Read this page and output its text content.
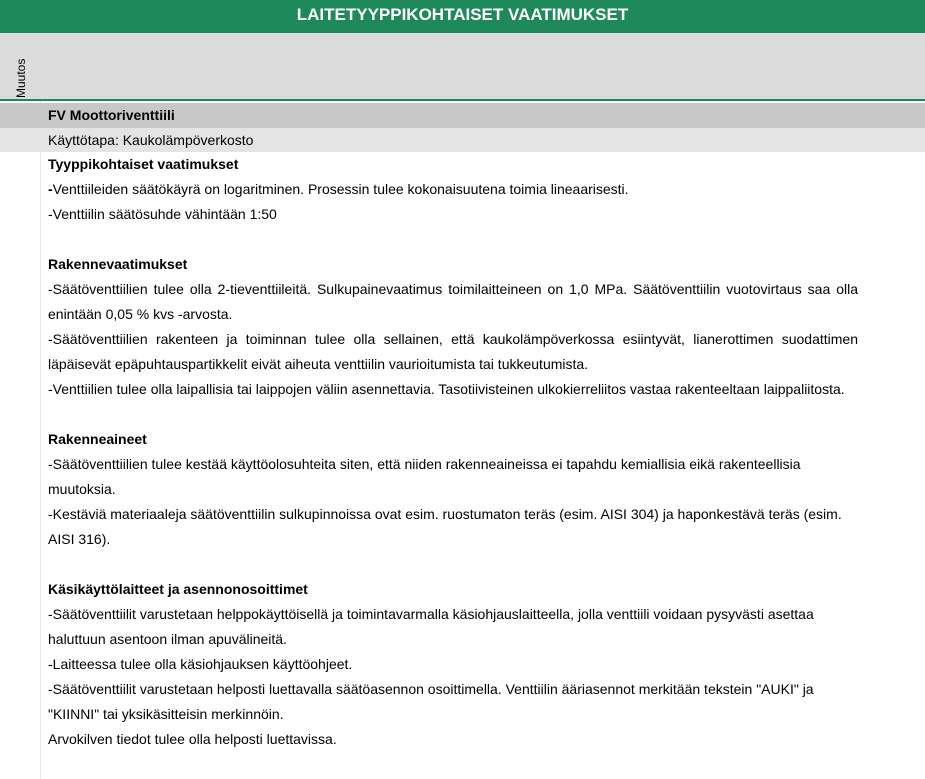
LAITETYYPPIKOHTAISET VAATIMUKSET
Muutos
FV Moottoriventtiili
Käyttötapa: Kaukolämpöverkosto
Tyyppikohtaiset vaatimukset

-Venttiileiden säätökäyrä on logaritminen. Prosessin tulee kokonaisuutena toimia lineaarisesti.

-Venttiilin säätösuhde vähintään 1:50

Rakennevaatimukset

-Säätöventtiilien tulee olla 2-tieventtiileitä. Sulkupainevaatimus toimilaitteineen on 1,0 MPa. Säätöventtiilin vuotovirtaus saa olla enintään 0,05 % kvs -arvosta.

-Säätöventtiilien rakenteen ja toiminnan tulee olla sellainen, että kaukolämpöverkossa esiintyvät, lianerottimen suodattimen läpäisevät epäpuhtauspartikkelit eivät aiheuta venttiilin vaurioitumista tai tukkeutumista.

-Venttiilien tulee olla laipallisia tai laippojen väliin asennettavia. Tasotiivisteinen ulkokierreliitos vastaa rakenteeltaan laippaliitosta.

Rakenneaineet

-Säätöventtiilien tulee kestää käyttöolosuhteita siten, että niiden rakenneaineissa ei tapahdu kemiallisia eikä rakenteellisia muutoksia.

-Kestäviä materiaaleja säätöventtiilin sulkupinnoissa ovat esim. ruostumaton teräs (esim. AISI 304) ja haponkestävä teräs (esim. AISI 316).

Käsikäyttölaitteet ja asennonosoittimet

-Säätöventtiilit varustetaan helppokäyttöisellä ja toimintavarmalla käsiohjauslaitteella, jolla venttiili voidaan pysyvästi asettaa haluttuun asentoon ilman apuvälineitä.

-Laitteessa tulee olla käsiohjauksen käyttöohjeet.

-Säätöventtiilit varustetaan helposti luettavalla säätöasennon osoittimella. Venttiilin ääriasennot merkitään tekstein "AUKI" ja "KIINNI" tai yksikäsitteisin merkinnöin.

Arvokilven tiedot tulee olla helposti luettavissa.
